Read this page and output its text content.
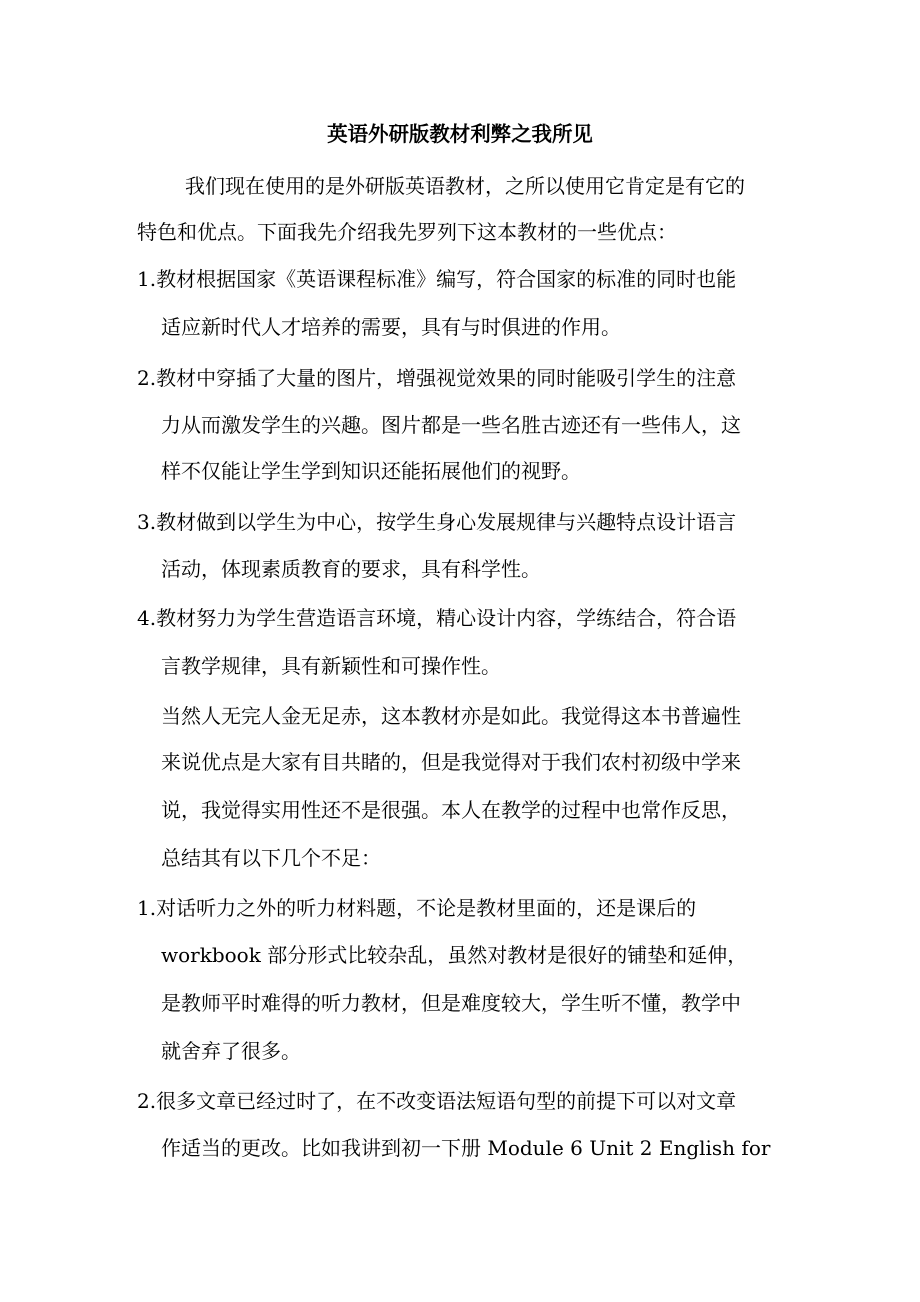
英语外研版教材利弊之我所见
我们现在使用的是外研版英语教材，之所以使用它肯定是有它的
特色和优点。下面我先介绍我先罗列下这本教材的一些优点：
1.教材根据国家《英语课程标准》编写，符合国家的标准的同时也能
适应新时代人才培养的需要，具有与时俱进的作用。
2.教材中穿插了大量的图片，增强视觉效果的同时能吸引学生的注意
力从而激发学生的兴趣。图片都是一些名胜古迹还有一些伟人，这
样不仅能让学生学到知识还能拓展他们的视野。
3.教材做到以学生为中心，按学生身心发展规律与兴趣特点设计语言
活动，体现素质教育的要求，具有科学性。
4.教材努力为学生营造语言环境，精心设计内容，学练结合，符合语
言教学规律，具有新颖性和可操作性。
当然人无完人金无足赤，这本教材亦是如此。我觉得这本书普遍性
来说优点是大家有目共睹的，但是我觉得对于我们农村初级中学来
说，我觉得实用性还不是很强。本人在教学的过程中也常作反思，
总结其有以下几个不足：
1.对话听力之外的听力材料题，不论是教材里面的，还是课后的
workbook 部分形式比较杂乱，虽然对教材是很好的铺垫和延伸，
是教师平时难得的听力教材，但是难度较大，学生听不懂，教学中
就舍弃了很多。
2.很多文章已经过时了，在不改变语法短语句型的前提下可以对文章
作适当的更改。比如我讲到初一下册 Module 6 Unit 2 English for
